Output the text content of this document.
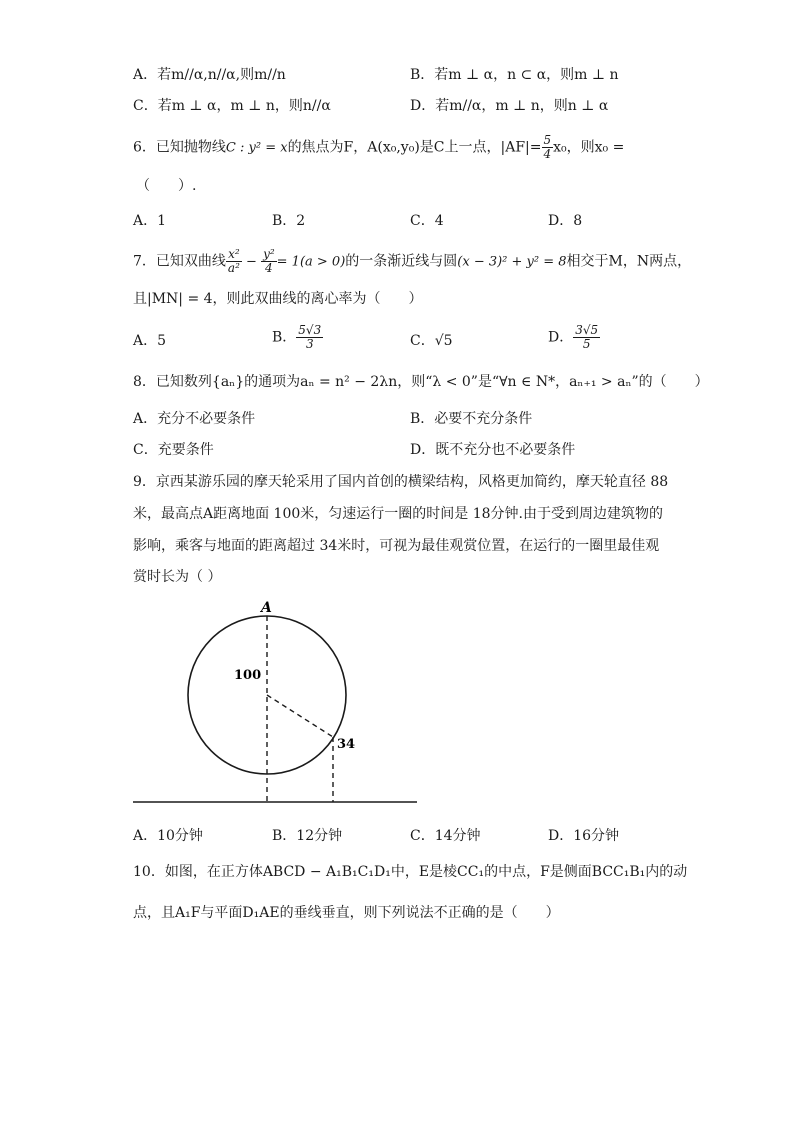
A．若m//α,n//α,则m//n	B．若m ⊥ α，n ⊂ α，则m ⊥ n
C．若m ⊥ α，m ⊥ n，则n//α	D．若m//α，m ⊥ n，则n ⊥ α
6．已知抛物线C : y² = x的焦点为F，A(x₀,y₀)是C上一点，$|AF|= \frac{5}{4} x_0$，则x₀ =
（　　）.
A．1	B．2	C．4	D．8
7．已知双曲线 $\frac{\text{x²}}{\text{a²}} - \frac{\text{y²}}{4} = 1(a > 0)$的一条渐近线与圆(x − 3)² + y² = 8相交于M，N两点，
且|MN| = 4，则此双曲线的离心率为（　　）
A．5	B． $\frac{5√3}{3}$	C．√5	D． $\frac{3√5}{5}$
8．已知数列{aₙ}的通项为aₙ = n² − 2λn，则“λ < 0”是“∀n ∈ N*，aₙ₊₁ > aₙ”的（　　）
A．充分不必要条件	B．必要不充分条件
C．充要条件	D．既不充分也不必要条件
9．京西某游乐园的摩天轮采用了国内首创的横梁结构，风格更加简约，摩天轮直径 88
米，最高点A距离地面 100米，匀速运行一圈的时间是 18分钟.由于受到周边建筑物的
影响，乘客与地面的距离超过 34米时，可视为最佳观赏位置，在运行的一圈里最佳观
赏时长为（ ）
A
100
34
A．10分钟	B．12分钟	C．14分钟	D．16分钟
10．如图，在正方体ABCD − A₁B₁C₁D₁中，E是棱CC₁的中点，F是侧面BCC₁B₁内的动
点，且A₁F与平面D₁AE的垂线垂直，则下列说法不正确的是（　　）
